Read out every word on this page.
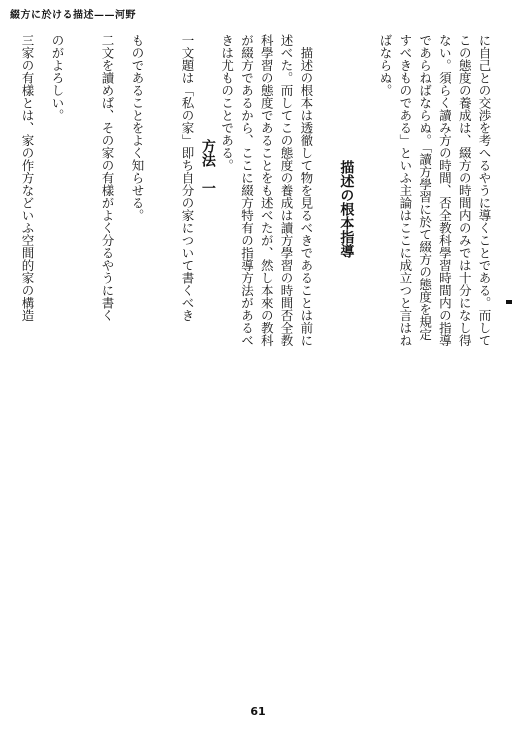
綴方に於ける描述——河野
に自己との交渉を考へるやうに導くことである。而して
この態度の養成は、綴方の時間内のみでは十分になし得
ない。須らく讀み方の時間、否全教科學習時間内の指導
であらねばならぬ。「讀方學習に於て綴方の態度を規定
すべきものである」といふ主論はここに成立つと言はね
ばならぬ。
描述の根本指導
　描述の根本は透徹して物を見るべきであることは前に
述べた。而してこの態度の養成は讀方學習の時間否全教
科學習の態度であることをも述べたが、然し本來の教科
が綴方であるから、ここに綴方特有の指導方法があるべ
きは尤ものことである。
方法　一
一文題は「私の家」即ち自分の家について書くべき
ものであることをよく知らせる。
二文を讀めば、その家の有樣がよく分るやうに書く
のがよろしい。
三家の有樣とは、家の作方などいふ空間的家の構造
61
